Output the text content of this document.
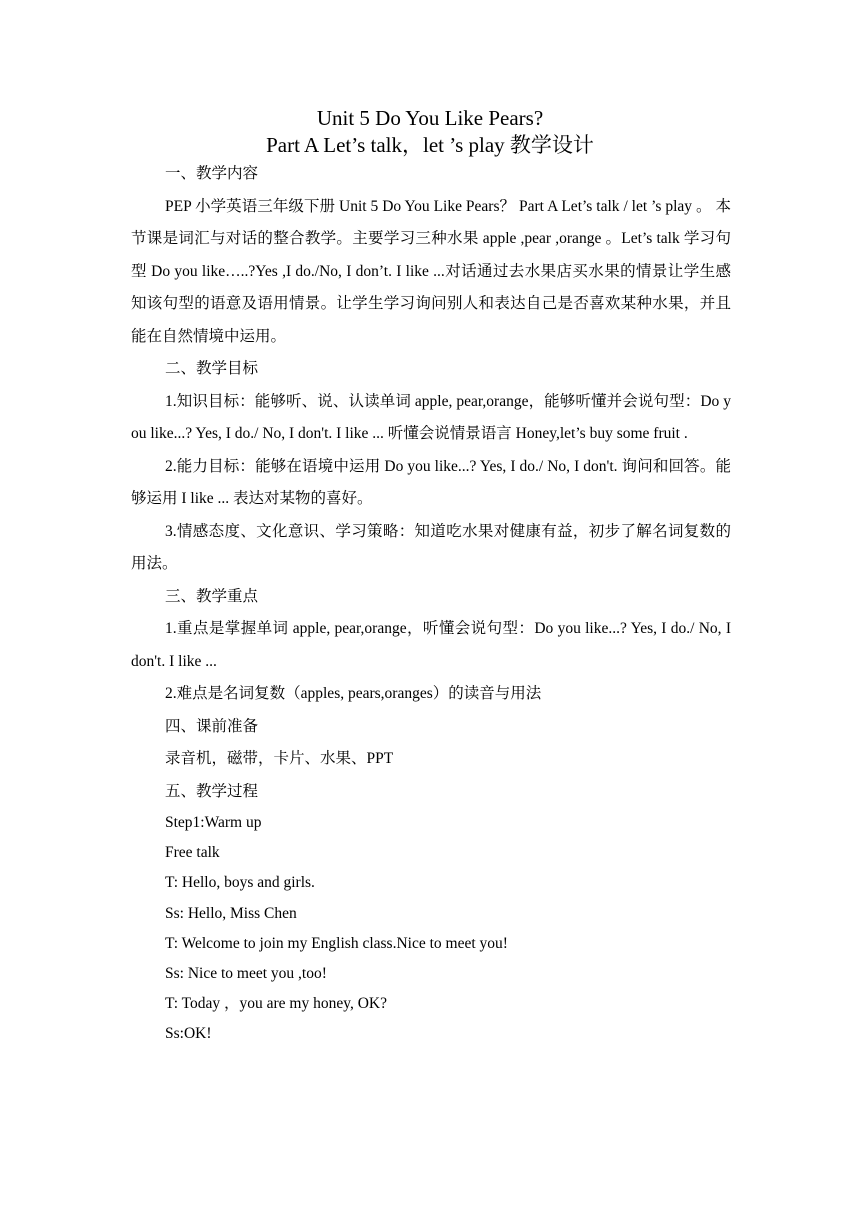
Unit 5 Do You Like Pears?

Part A Let’s talk，let ’s play 教学设计

一、教学内容

PEP 小学英语三年级下册 Unit 5 Do You Like Pears？ Part A Let’s talk / let ’s play 。 本节课是词汇与对话的整合教学。主要学习三种水果 apple ,pear ,orange 。Let’s talk 学习句型 Do you like…..?Yes ,I do./No, I don’t. I like ...对话通过去水果店买水果的情景让学生感知该句型的语意及语用情景。让学生学习询问别人和表达自己是否喜欢某种水果，并且能在自然情境中运用。

二、教学目标

1.知识目标：能够听、说、认读单词 apple, pear,orange，能够听懂并会说句型：Do you like...? Yes, I do./ No, I don't. I like ... 听懂会说情景语言 Honey,let’s buy some fruit .

2.能力目标：能够在语境中运用 Do you like...? Yes, I do./ No, I don't. 询问和回答。能够运用 I like ... 表达对某物的喜好。

3.情感态度、文化意识、学习策略：知道吃水果对健康有益，初步了解名词复数的用法。

三、教学重点

1.重点是掌握单词 apple, pear,orange，听懂会说句型：Do you like...? Yes, I do./ No, I don't. I like ...

2.难点是名词复数（apples, pears,oranges）的读音与用法

四、课前准备

录音机，磁带，卡片、水果、PPT

五、教学过程

Step1:Warm up

Free talk

T: Hello, boys and girls.

Ss: Hello, Miss Chen

T: Welcome to join my English class.Nice to meet you!

Ss: Nice to meet you ,too!

T: Today ，you are my honey, OK?

Ss:OK!
